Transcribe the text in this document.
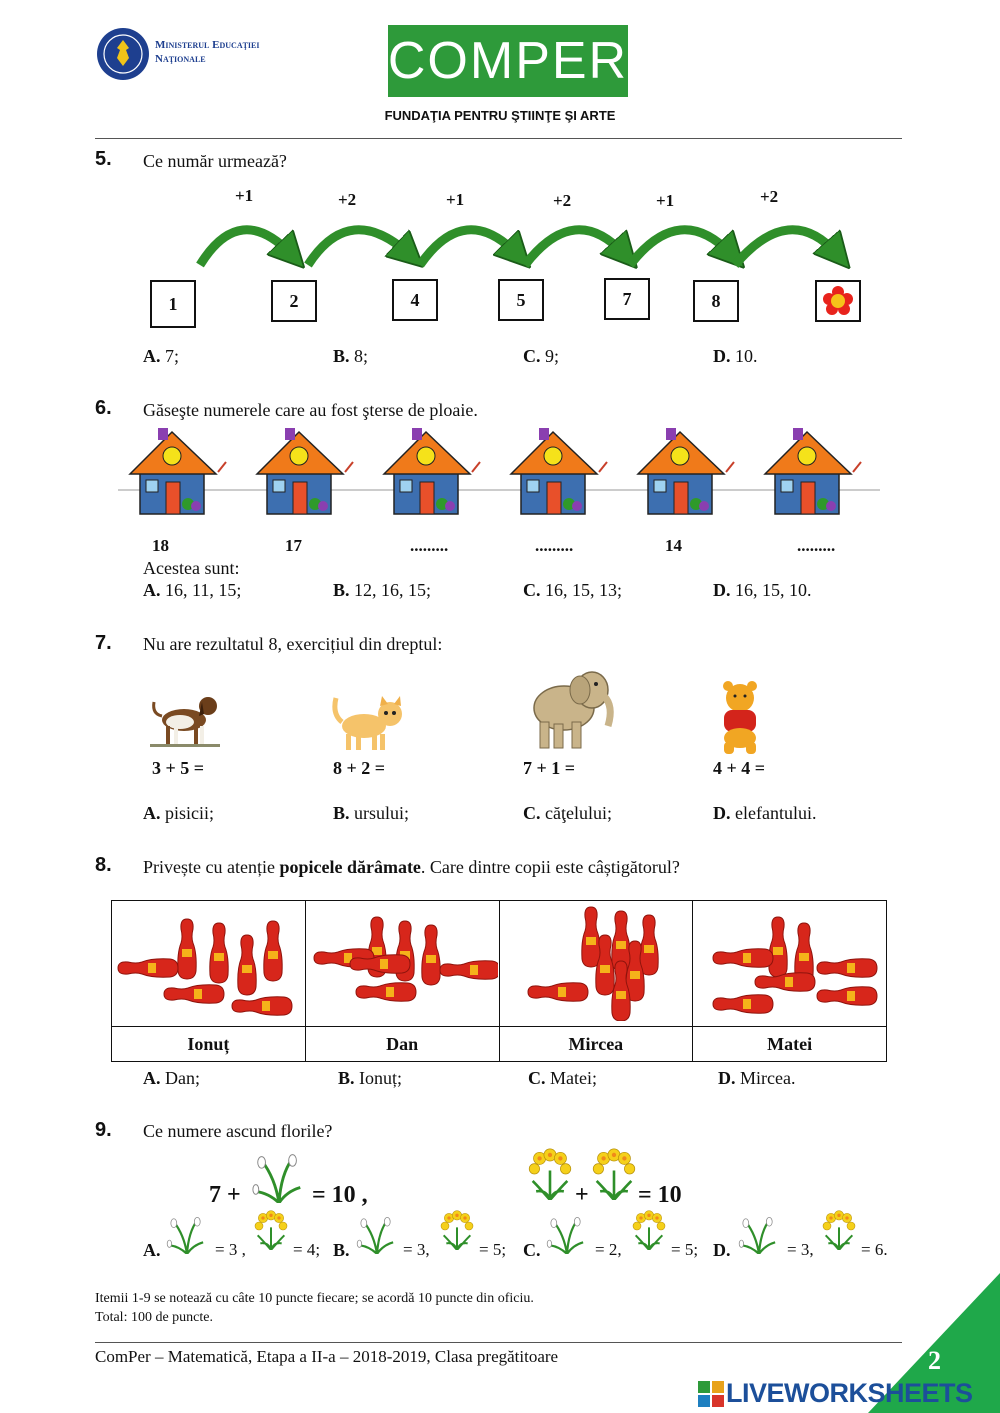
Ministerul Educaţiei
Naţionale	COMPER
FUNDAŢIA PENTRU ŞTIINŢE ŞI ARTE
5. Ce număr urmează?
+1	+2	+1	+2	+1	+2
1	2	4	5	7	8
A. 7;	B. 8;	C. 9;	D. 10.
6. Găseşte numerele care au fost şterse de ploaie.
18	17	.........	.........	14	.........
Acestea sunt:
A. 16, 11, 15;	B. 12, 16, 15;	C. 16, 15, 13;	D. 16, 15, 10.
7. Nu are rezultatul 8, exercițiul din dreptul:
3 + 5 =	8 + 2 =	7 + 1 =	4 + 4 =
A. pisicii;	B. ursului;	C. căţelului;	D. elefantului.
8. Privește cu atenție popicele dărâmate. Care dintre copii este câștigătorul?

Ionuț	Dan	Mircea	Matei
A. Dan;	B. Ionuț;	C. Matei;	D. Mircea.
9. Ce numere ascund florile?
7 +	= 10 ,	+ = 10
A.	= 3 ,	= 4; B.	= 3,	= 5; C.	= 2,	= 5; D.	= 3,	= 6.
Itemii 1-9 se notează cu câte 10 puncte fiecare; se acordă 10 puncte din oficiu.
Total: 100 de puncte.
ComPer – Matematică, Etapa a II-a – 2018-2019, Clasa pregătitoare	2
LIVEWORKSHEETS
